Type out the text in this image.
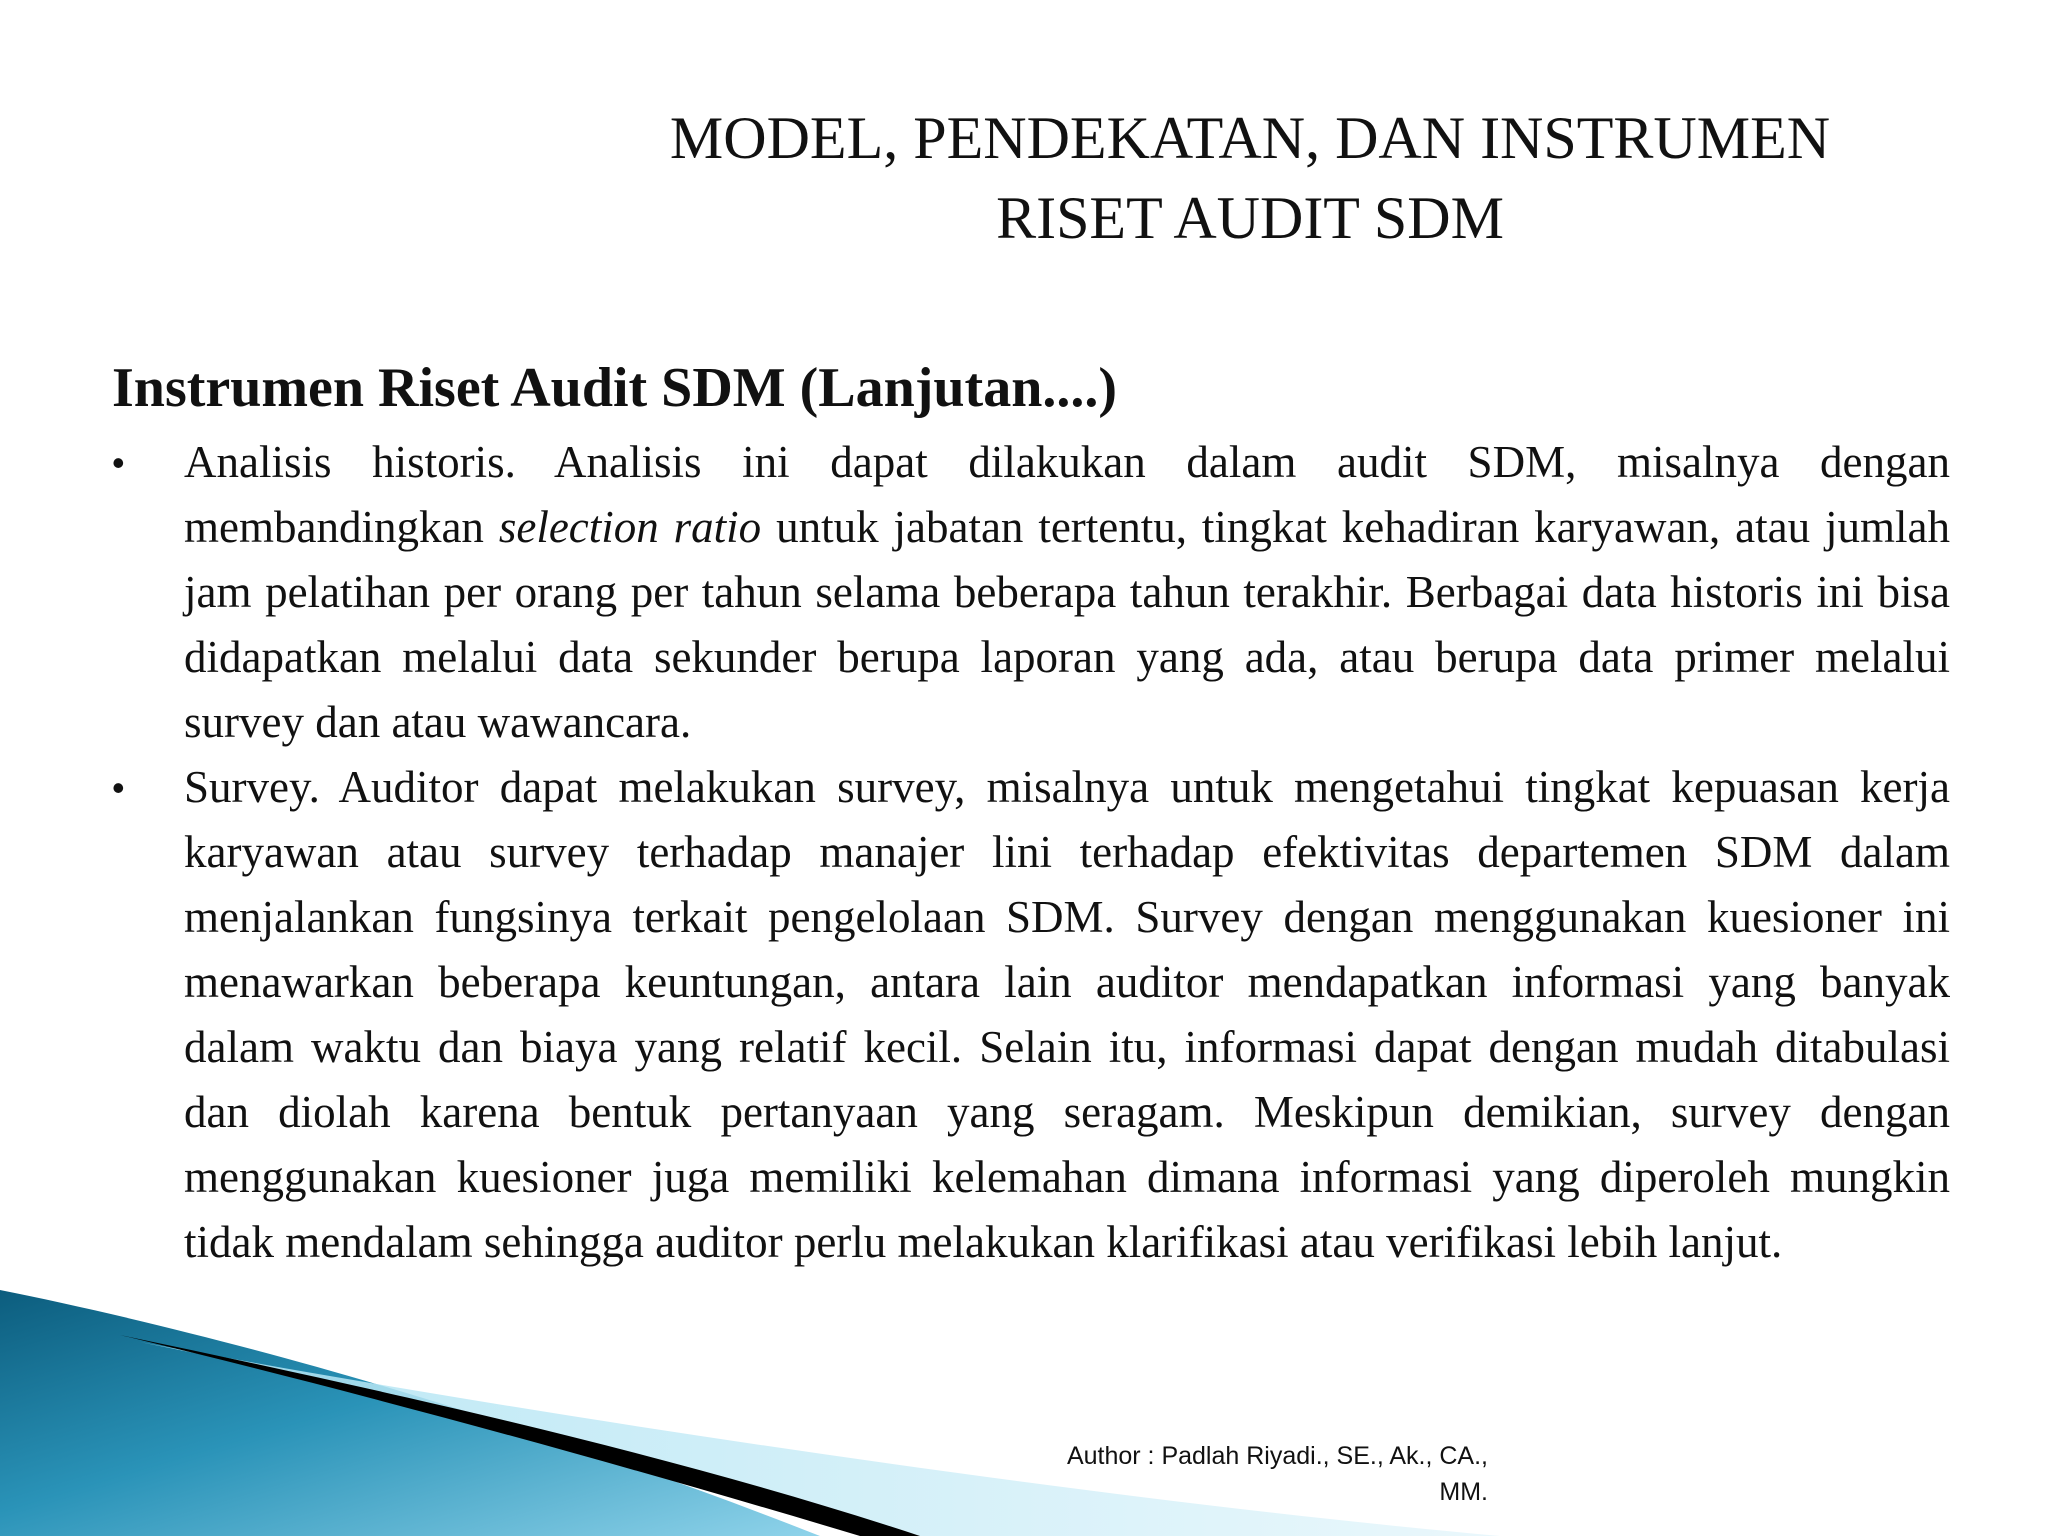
MODEL, PENDEKATAN, DAN INSTRUMEN
RISET AUDIT SDM
Instrumen Riset Audit SDM (Lanjutan....)
• Analisis historis. Analisis ini dapat dilakukan dalam audit SDM, misalnya dengan membandingkan selection ratio untuk jabatan tertentu, tingkat kehadiran karyawan, atau jumlah jam pelatihan per orang per tahun selama beberapa tahun terakhir. Berbagai data historis ini bisa didapatkan melalui data sekunder berupa laporan yang ada, atau berupa data primer melalui survey dan atau wawancara.
• Survey. Auditor dapat melakukan survey, misalnya untuk mengetahui tingkat kepuasan kerja karyawan atau survey terhadap manajer lini terhadap efektivitas departemen SDM dalam menjalankan fungsinya terkait pengelolaan SDM. Survey dengan menggunakan kuesioner ini menawarkan beberapa keuntungan, antara lain auditor mendapatkan informasi yang banyak dalam waktu dan biaya yang relatif kecil. Selain itu, informasi dapat dengan mudah ditabulasi dan diolah karena bentuk pertanyaan yang seragam. Meskipun demikian, survey dengan menggunakan kuesioner juga memiliki kelemahan dimana informasi yang diperoleh mungkin tidak mendalam sehingga auditor perlu melakukan klarifikasi atau verifikasi lebih lanjut.
Author : Padlah Riyadi., SE., Ak., CA.,
MM.
